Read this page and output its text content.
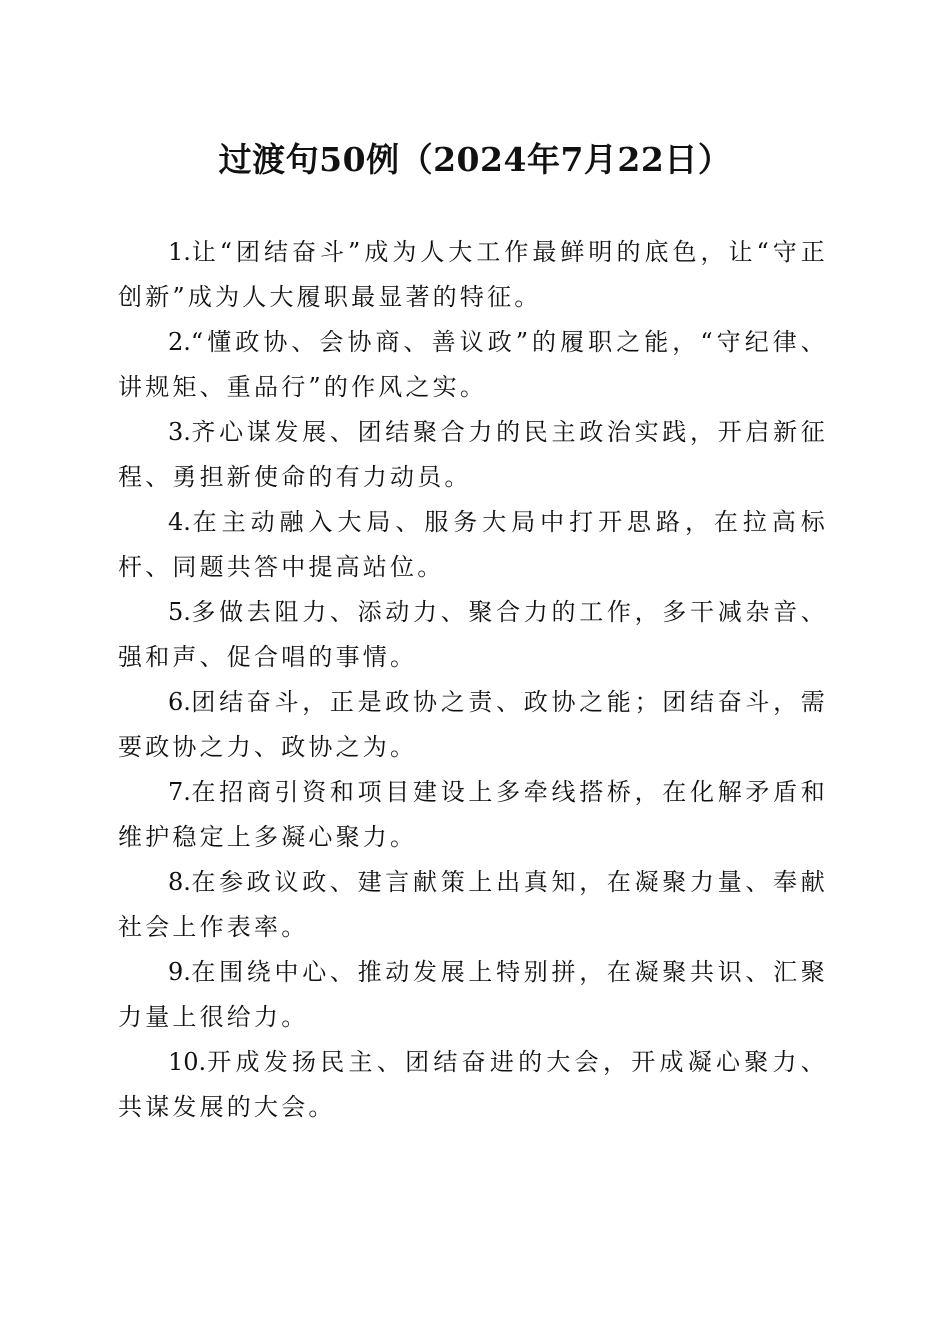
过渡句50例（2024年7月22日）

1.让“团结奋斗”成为人大工作最鲜明的底色，让“守正创新”成为人大履职最显著的特征。

2.“懂政协、会协商、善议政”的履职之能，“守纪律、讲规矩、重品行”的作风之实。

3.齐心谋发展、团结聚合力的民主政治实践，开启新征程、勇担新使命的有力动员。

4.在主动融入大局、服务大局中打开思路，在拉高标杆、同题共答中提高站位。

5.多做去阻力、添动力、聚合力的工作，多干减杂音、强和声、促合唱的事情。

6.团结奋斗，正是政协之责、政协之能；团结奋斗，需要政协之力、政协之为。

7.在招商引资和项目建设上多牵线搭桥，在化解矛盾和维护稳定上多凝心聚力。

8.在参政议政、建言献策上出真知，在凝聚力量、奉献社会上作表率。

9.在围绕中心、推动发展上特别拼，在凝聚共识、汇聚力量上很给力。

10.开成发扬民主、团结奋进的大会，开成凝心聚力、共谋发展的大会。
